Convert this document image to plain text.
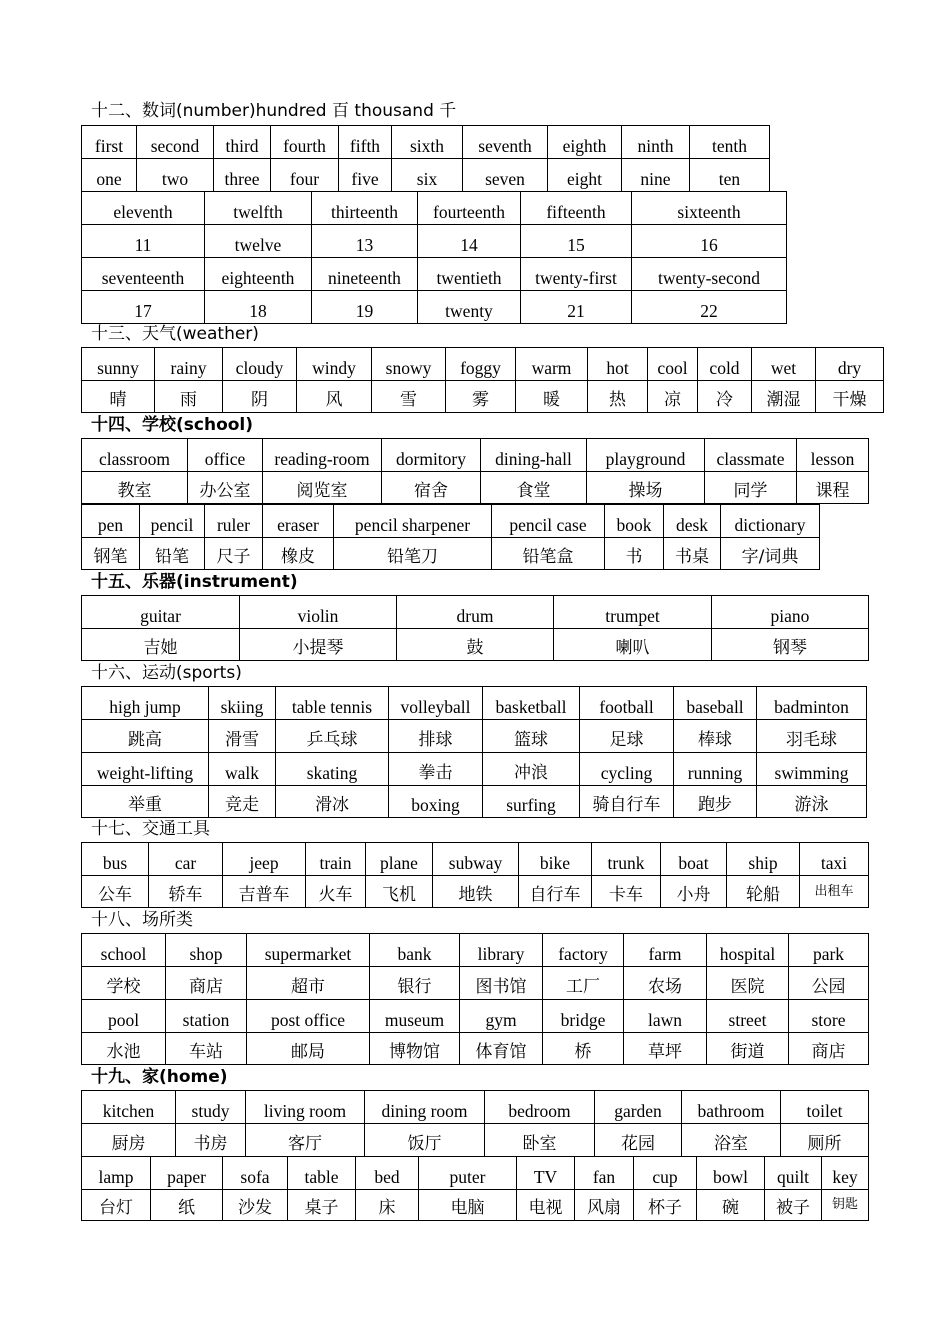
十二、数词(number)hundred 百 thousand 千
first	second	third	fourth	fifth	sixth	seventh	eighth	ninth	tenth
one	two	three	four	five	six	seven	eight	nine	ten
eleventh	twelfth	thirteenth	fourteenth	fifteenth	sixteenth
11	twelve	13	14	15	16
seventeenth	eighteenth	nineteenth	twentieth	twenty-first	twenty-second
17	18	19	twenty	21	22
十三、天气(weather)
sunny	rainy	cloudy	windy	snowy	foggy	warm	hot	cool	cold	wet	dry
晴	雨	阴	风	雪	雾	暖	热	凉	冷	潮湿	干燥
十四、学校(school)
classroom	office	reading-room	dormitory	dining-hall	playground	classmate	lesson
教室	办公室	阅览室	宿舍	食堂	操场	同学	课程
pen	pencil	ruler	eraser	pencil sharpener	pencil case	book	desk	dictionary
钢笔	铅笔	尺子	橡皮	铅笔刀	铅笔盒	书	书桌	字/词典
十五、乐器(instrument)
guitar	violin	drum	trumpet	piano
吉她	小提琴	鼓	喇叭	钢琴
十六、运动(sports)
high jump	skiing	table tennis	volleyball	basketball	football	baseball	badminton
跳高	滑雪	乒乓球	排球	篮球	足球	棒球	羽毛球
weight-lifting	walk	skating	拳击	冲浪	cycling	running	swimming
举重	竞走	滑冰	boxing	surfing	骑自行车	跑步	游泳
十七、交通工具
bus	car	jeep	train	plane	subway	bike	trunk	boat	ship	taxi
公车	轿车	吉普车	火车	飞机	地铁	自行车	卡车	小舟	轮船	出租车
十八、场所类
school	shop	supermarket	bank	library	factory	farm	hospital	park
学校	商店	超市	银行	图书馆	工厂	农场	医院	公园
pool	station	post office	museum	gym	bridge	lawn	street	store
水池	车站	邮局	博物馆	体育馆	桥	草坪	街道	商店
十九、家(home)
kitchen	study	living room	dining room	bedroom	garden	bathroom	toilet
厨房	书房	客厅	饭厅	卧室	花园	浴室	厕所
lamp	paper	sofa	table	bed	puter	TV	fan	cup	bowl	quilt	key
台灯	纸	沙发	桌子	床	电脑	电视	风扇	杯子	碗	被子	钥匙
